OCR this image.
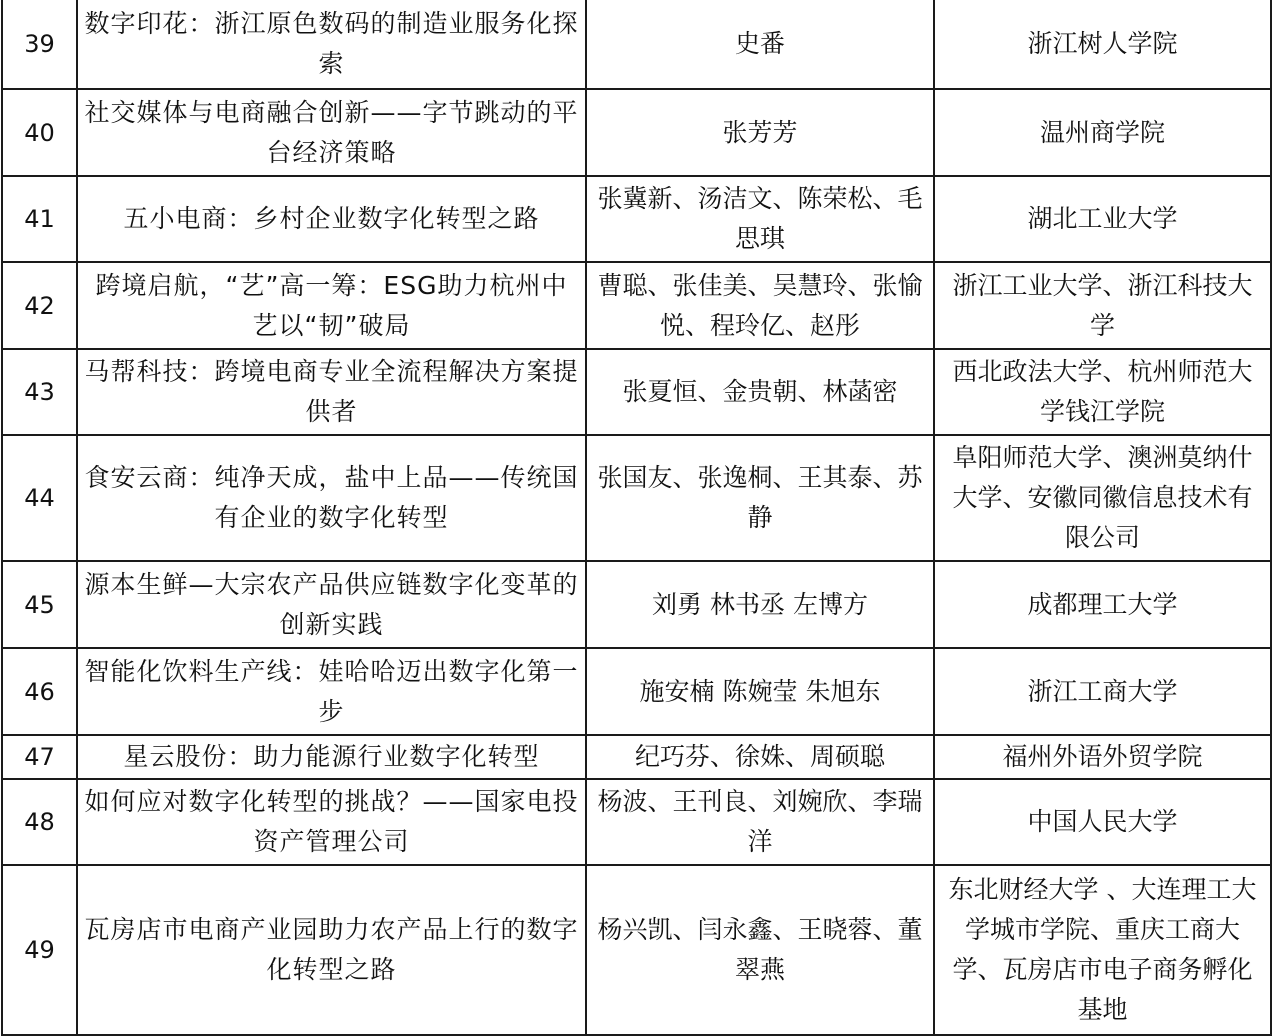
39	数字印花：浙江原色数码的制造业服务化探索	史番	浙江树人学院
40	社交媒体与电商融合创新——字节跳动的平台经济策略	张芳芳	温州商学院
41	五小电商：乡村企业数字化转型之路	张冀新、汤洁文、陈荣松、毛思琪	湖北工业大学
42	跨境启航，“艺”高一筹：ESG助力杭州中艺以“韧”破局	曹聪、张佳美、吴慧玲、张愉悦、程玲亿、赵彤	浙江工业大学、浙江科技大学
43	马帮科技：跨境电商专业全流程解决方案提供者	张夏恒、金贵朝、林菡密	西北政法大学、杭州师范大学钱江学院
44	食安云商：纯净天成，盐中上品——传统国有企业的数字化转型	张国友、张逸桐、王其泰、苏静	阜阳师范大学、澳洲莫纳什大学、安徽同徽信息技术有限公司
45	源本生鲜—大宗农产品供应链数字化变革的创新实践	刘勇 林书丞 左博方	成都理工大学
46	智能化饮料生产线：娃哈哈迈出数字化第一步	施安楠 陈婉莹 朱旭东	浙江工商大学
47	星云股份：助力能源行业数字化转型	纪巧芬、徐姝、周硕聪	福州外语外贸学院
48	如何应对数字化转型的挑战？——国家电投资产管理公司	杨波、王刊良、刘婉欣、李瑞洋	中国人民大学
49	瓦房店市电商产业园助力农产品上行的数字化转型之路	杨兴凯、闫永鑫、王晓蓉、董翠燕	东北财经大学 、大连理工大学城市学院、重庆工商大学、瓦房店市电子商务孵化基地
